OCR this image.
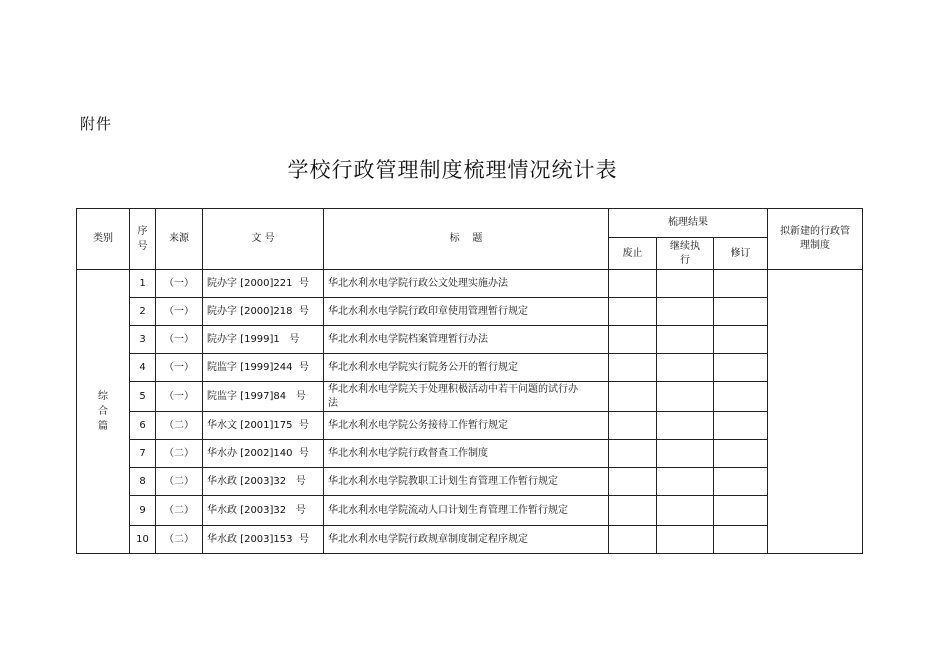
附件
学校行政管理制度梳理情况统计表
类别	序号	来源	文 号	标    题	梳理结果			拟新建的行政管理制度
					废止	继续执行	修订	
综合篇	1	（一）	院办字 [2000]221  号	华北水利水电学院行政公文处理实施办法				
	2	（一）	院办字 [2000]218  号	华北水利水电学院行政印章使用管理暂行规定				
	3	（一）	院办字 [1999]1   号	华北水利水电学院档案管理暂行办法				
	4	（一）	院监字 [1999]244  号	华北水利水电学院实行院务公开的暂行规定				
	5	（一）	院监字 [1997]84   号	华北水利水电学院关于处理积极活动中若干问题的试行办法				
	6	（二）	华水文 [2001]175  号	华北水利水电学院公务接待工作暂行规定				
	7	（二）	华水办 [2002]140  号	华北水利水电学院行政督查工作制度				
	8	（二）	华水政 [2003]32   号	华北水利水电学院教职工计划生育管理工作暂行规定				
	9	（二）	华水政 [2003]32   号	华北水利水电学院流动人口计划生育管理工作暂行规定				
	10	（二）	华水政 [2003]153  号	华北水利水电学院行政规章制度制定程序规定				
